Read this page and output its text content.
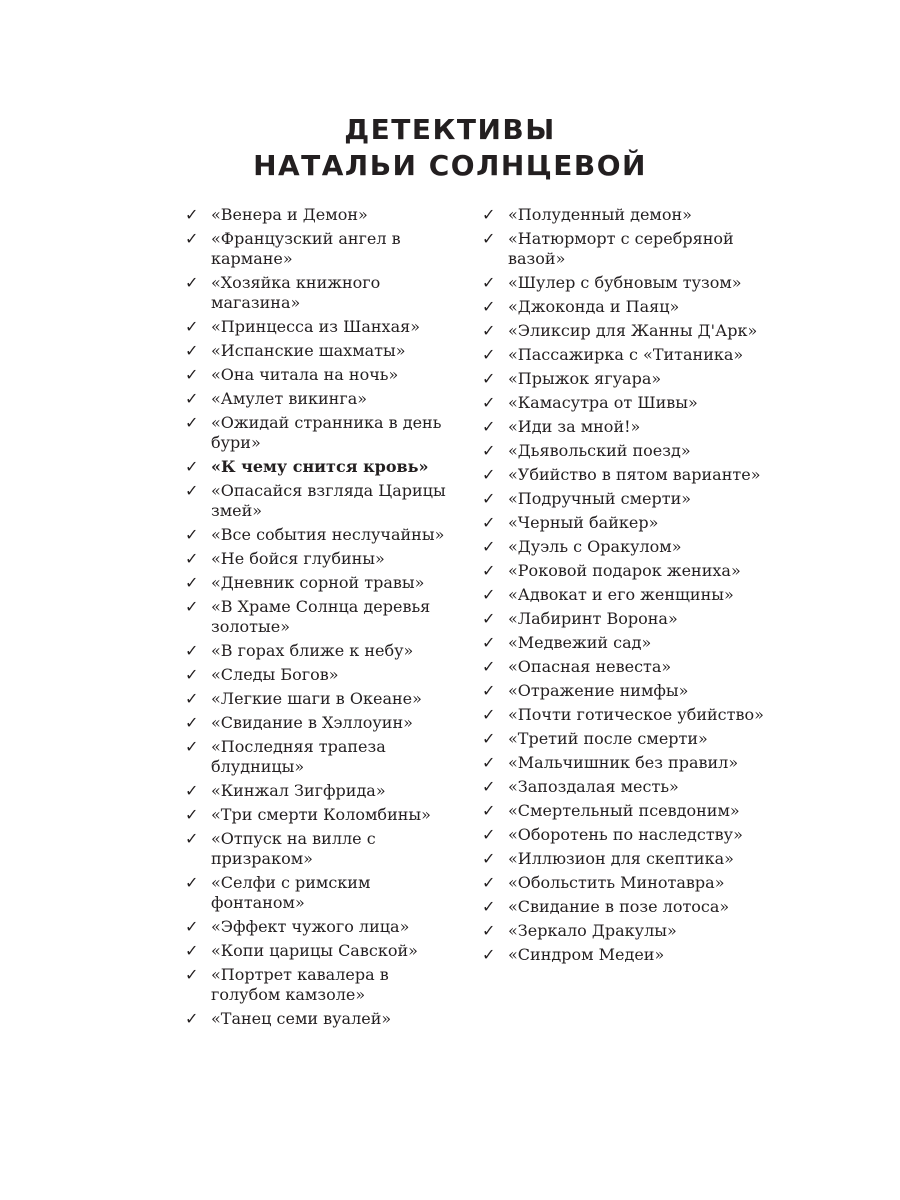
ДЕТЕКТИВЫ
НАТАЛЬИ СОЛНЦЕВОЙ
✓ «Венера и Демон»
✓ «Французский ангел в кармане»
✓ «Хозяйка книжного магазина»
✓ «Принцесса из Шанхая»
✓ «Испанские шахматы»
✓ «Она читала на ночь»
✓ «Амулет викинга»
✓ «Ожидай странника в день бури»
✓ «К чему снится кровь»
✓ «Опасайся взгляда Царицы змей»
✓ «Все события неслучайны»
✓ «Не бойся глубины»
✓ «Дневник сорной травы»
✓ «В Храме Солнца деревья золотые»
✓ «В горах ближе к небу»
✓ «Следы Богов»
✓ «Легкие шаги в Океане»
✓ «Свидание в Хэллоуин»
✓ «Последняя трапеза блудницы»
✓ «Кинжал Зигфрида»
✓ «Три смерти Коломбины»
✓ «Отпуск на вилле с призраком»
✓ «Селфи с римским фонтаном»
✓ «Эффект чужого лица»
✓ «Копи царицы Савской»
✓ «Портрет кавалера в голубом камзоле»
✓ «Танец семи вуалей»
✓ «Полуденный демон»
✓ «Натюрморт с серебряной вазой»
✓ «Шулер с бубновым тузом»
✓ «Джоконда и Паяц»
✓ «Эликсир для Жанны Д'Арк»
✓ «Пассажирка с «Титаника»
✓ «Прыжок ягуара»
✓ «Камасутра от Шивы»
✓ «Иди за мной!»
✓ «Дьявольский поезд»
✓ «Убийство в пятом варианте»
✓ «Подручный смерти»
✓ «Черный байкер»
✓ «Дуэль с Оракулом»
✓ «Роковой подарок жениха»
✓ «Адвокат и его женщины»
✓ «Лабиринт Ворона»
✓ «Медвежий сад»
✓ «Опасная невеста»
✓ «Отражение нимфы»
✓ «Почти готическое убийство»
✓ «Третий после смерти»
✓ «Мальчишник без правил»
✓ «Запоздалая месть»
✓ «Смертельный псевдоним»
✓ «Оборотень по наследству»
✓ «Иллюзион для скептика»
✓ «Обольстить Минотавра»
✓ «Свидание в позе лотоса»
✓ «Зеркало Дракулы»
✓ «Синдром Медеи»
